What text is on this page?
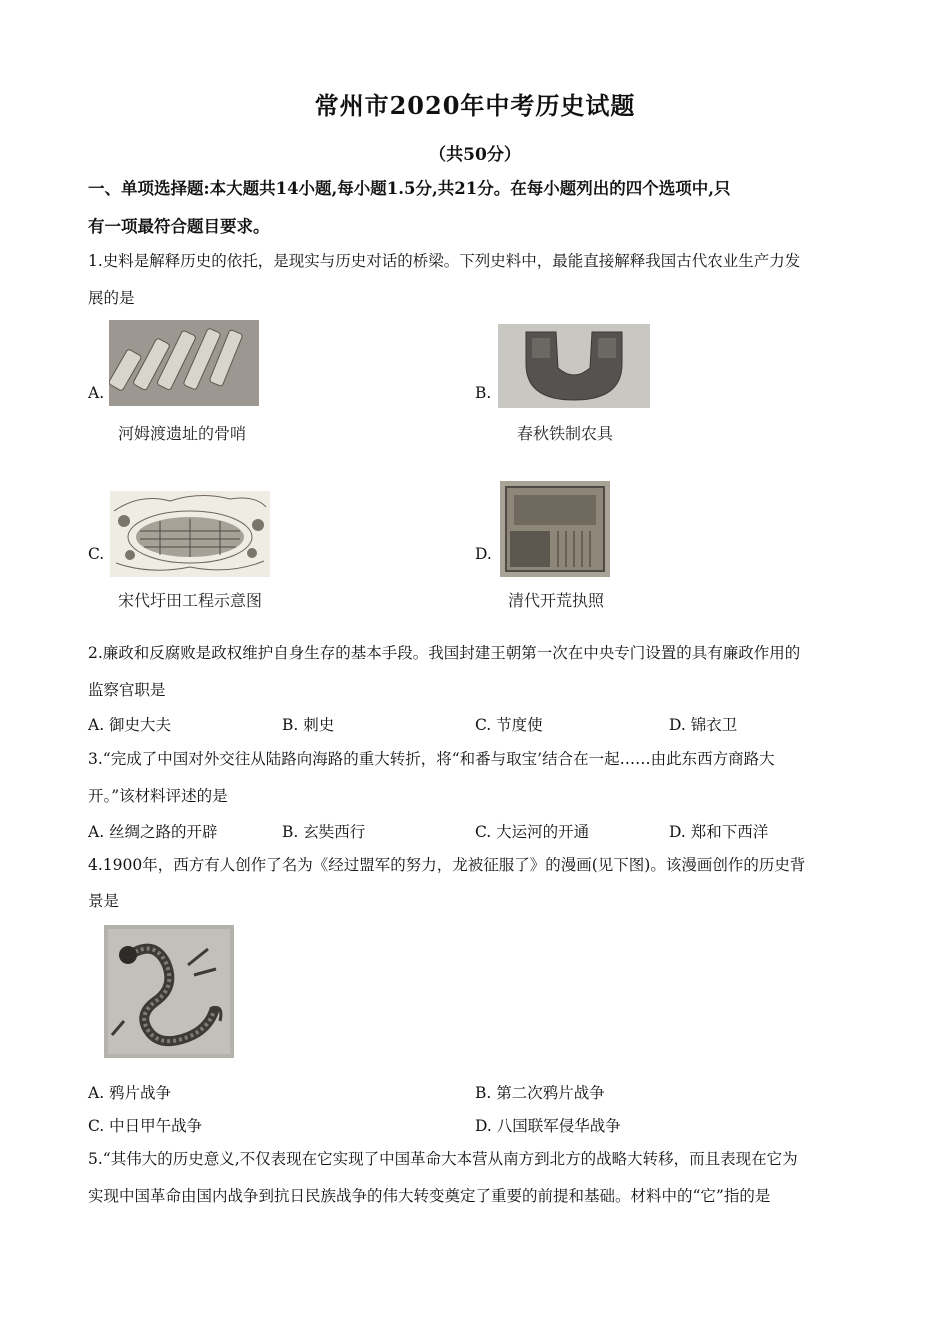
常州市2020年中考历史试题
（共50分）
一、单项选择题:本大题共14小题,每小题1.5分,共21分。在每小题列出的四个选项中,只
有一项最符合题目要求。
1.史料是解释历史的依托，是现实与历史对话的桥梁。下列史料中，最能直接解释我国古代农业生产力发
展的是
A.
河姆渡遗址的骨哨
B.
春秋铁制农具
C.
宋代圩田工程示意图
D.
清代开荒执照
2.廉政和反腐败是政权维护自身生存的基本手段。我国封建王朝第一次在中央专门设置的具有廉政作用的
监察官职是
A. 御史大夫	B. 刺史	C. 节度使	D. 锦衣卫
3.“完成了中国对外交往从陆路向海路的重大转折，将“和番与取宝’结合在一起……由此东西方商路大
开。”该材料评述的是
A. 丝绸之路的开辟	B. 玄奘西行	C. 大运河的开通	D. 郑和下西洋
4.1900年，西方有人创作了名为《经过盟军的努力，龙被征服了》的漫画(见下图)。该漫画创作的历史背
景是
A. 鸦片战争	B. 第二次鸦片战争
C. 中日甲午战争	D. 八国联军侵华战争
5.“其伟大的历史意义,不仅表现在它实现了中国革命大本营从南方到北方的战略大转移，而且表现在它为
实现中国革命由国内战争到抗日民族战争的伟大转变奠定了重要的前提和基础。材料中的“它”指的是
